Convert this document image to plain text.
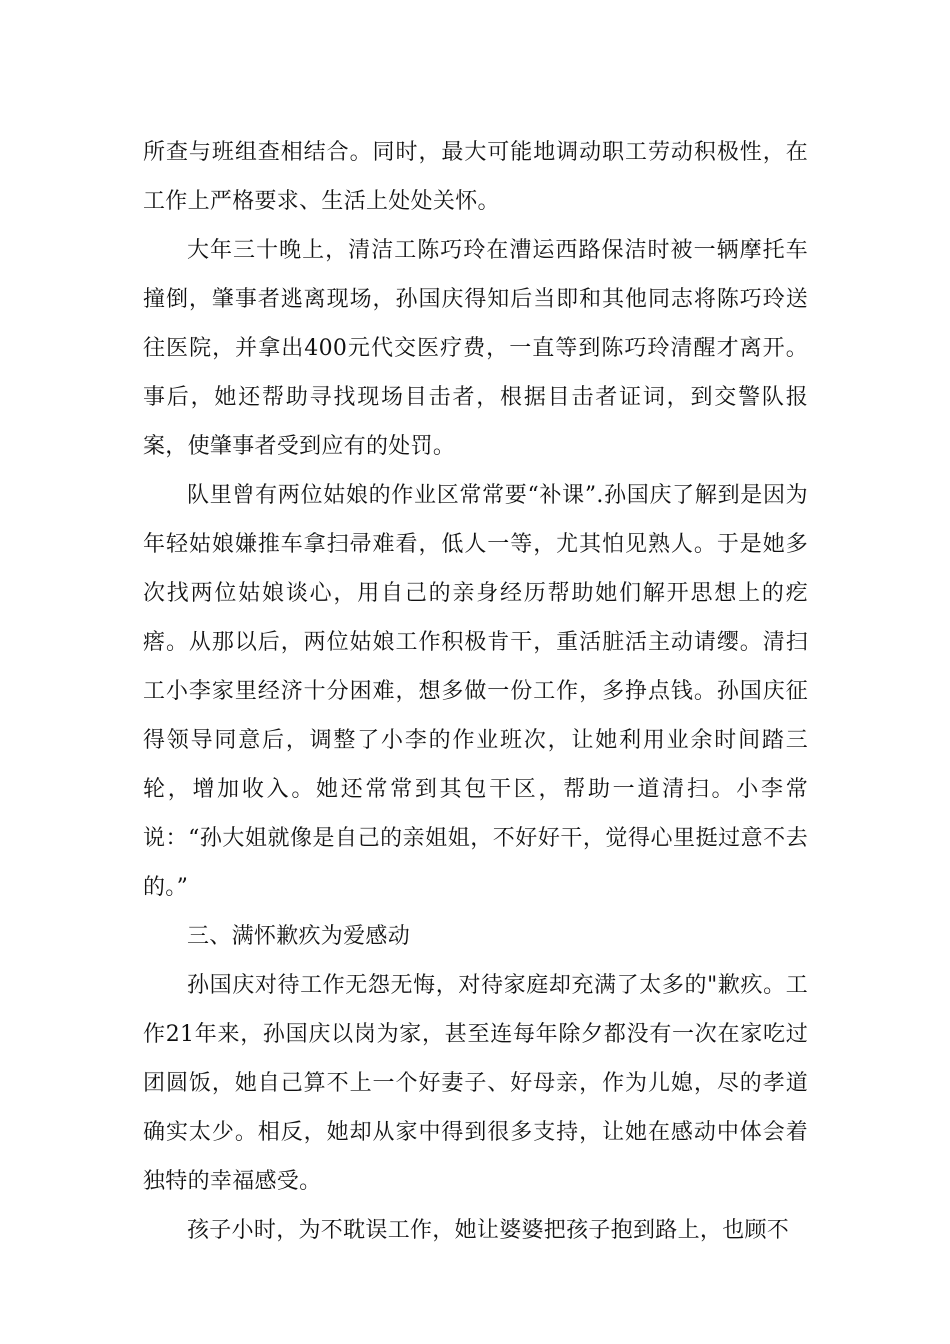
所查与班组查相结合。同时，最大可能地调动职工劳动积极性，在工作上严格要求、生活上处处关怀。

大年三十晚上，清洁工陈巧玲在漕运西路保洁时被一辆摩托车撞倒，肇事者逃离现场，孙国庆得知后当即和其他同志将陈巧玲送往医院，并拿出400元代交医疗费，一直等到陈巧玲清醒才离开。事后，她还帮助寻找现场目击者，根据目击者证词，到交警队报案，使肇事者受到应有的处罚。

队里曾有两位姑娘的作业区常常要“补课”.孙国庆了解到是因为年轻姑娘嫌推车拿扫帚难看，低人一等，尤其怕见熟人。于是她多次找两位姑娘谈心，用自己的亲身经历帮助她们解开思想上的疙瘩。从那以后，两位姑娘工作积极肯干，重活脏活主动请缨。清扫工小李家里经济十分困难，想多做一份工作，多挣点钱。孙国庆征得领导同意后，调整了小李的作业班次，让她利用业余时间踏三轮，增加收入。她还常常到其包干区，帮助一道清扫。小李常说：“孙大姐就像是自己的亲姐姐，不好好干，觉得心里挺过意不去的。”

三、满怀歉疚为爱感动

孙国庆对待工作无怨无悔，对待家庭却充满了太多的"歉疚。工作21年来，孙国庆以岗为家，甚至连每年除夕都没有一次在家吃过团圆饭，她自己算不上一个好妻子、好母亲，作为儿媳，尽的孝道确实太少。相反，她却从家中得到很多支持，让她在感动中体会着独特的幸福感受。

孩子小时，为不耽误工作，她让婆婆把孩子抱到路上，也顾不
